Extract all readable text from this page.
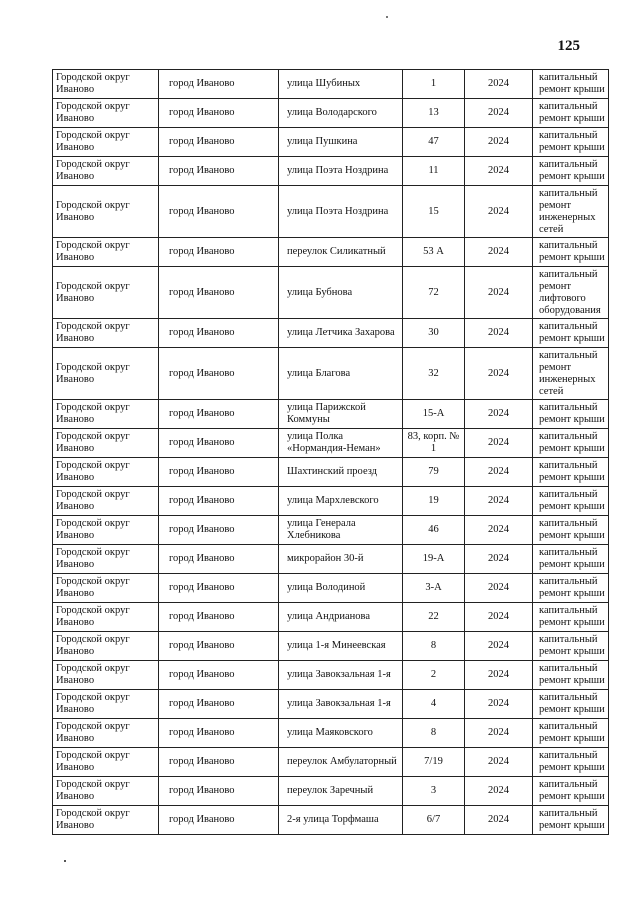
125
Городской округ Иваново	город Иваново	улица Шубиных	1	2024	капитальный ремонт крыши
Городской округ Иваново	город Иваново	улица Володарского	13	2024	капитальный ремонт крыши
Городской округ Иваново	город Иваново	улица Пушкина	47	2024	капитальный ремонт крыши
Городской округ Иваново	город Иваново	улица Поэта Ноздрина	11	2024	капитальный ремонт крыши
Городской округ Иваново	город Иваново	улица Поэта Ноздрина	15	2024	капитальный ремонт инженерных сетей
Городской округ Иваново	город Иваново	переулок Силикатный	53 А	2024	капитальный ремонт крыши
Городской округ Иваново	город Иваново	улица Бубнова	72	2024	капитальный ремонт лифтового оборудования
Городской округ Иваново	город Иваново	улица Летчика Захарова	30	2024	капитальный ремонт крыши
Городской округ Иваново	город Иваново	улица Благова	32	2024	капитальный ремонт инженерных сетей
Городской округ Иваново	город Иваново	улица Парижской Коммуны	15-А	2024	капитальный ремонт крыши
Городской округ Иваново	город Иваново	улица Полка «Нормандия-Неман»	83, корп. № 1	2024	капитальный ремонт крыши
Городской округ Иваново	город Иваново	Шахтинский проезд	79	2024	капитальный ремонт крыши
Городской округ Иваново	город Иваново	улица Мархлевского	19	2024	капитальный ремонт крыши
Городской округ Иваново	город Иваново	улица Генерала Хлебникова	46	2024	капитальный ремонт крыши
Городской округ Иваново	город Иваново	микрорайон 30-й	19-А	2024	капитальный ремонт крыши
Городской округ Иваново	город Иваново	улица Володиной	3-А	2024	капитальный ремонт крыши
Городской округ Иваново	город Иваново	улица Андрианова	22	2024	капитальный ремонт крыши
Городской округ Иваново	город Иваново	улица 1-я Минеевская	8	2024	капитальный ремонт крыши
Городской округ Иваново	город Иваново	улица Завокзальная 1-я	2	2024	капитальный ремонт крыши
Городской округ Иваново	город Иваново	улица Завокзальная 1-я	4	2024	капитальный ремонт крыши
Городской округ Иваново	город Иваново	улица Маяковского	8	2024	капитальный ремонт крыши
Городской округ Иваново	город Иваново	переулок Амбулаторный	7/19	2024	капитальный ремонт крыши
Городской округ Иваново	город Иваново	переулок Заречный	3	2024	капитальный ремонт крыши
Городской округ Иваново	город Иваново	2-я улица Торфмаша	6/7	2024	капитальный ремонт крыши
